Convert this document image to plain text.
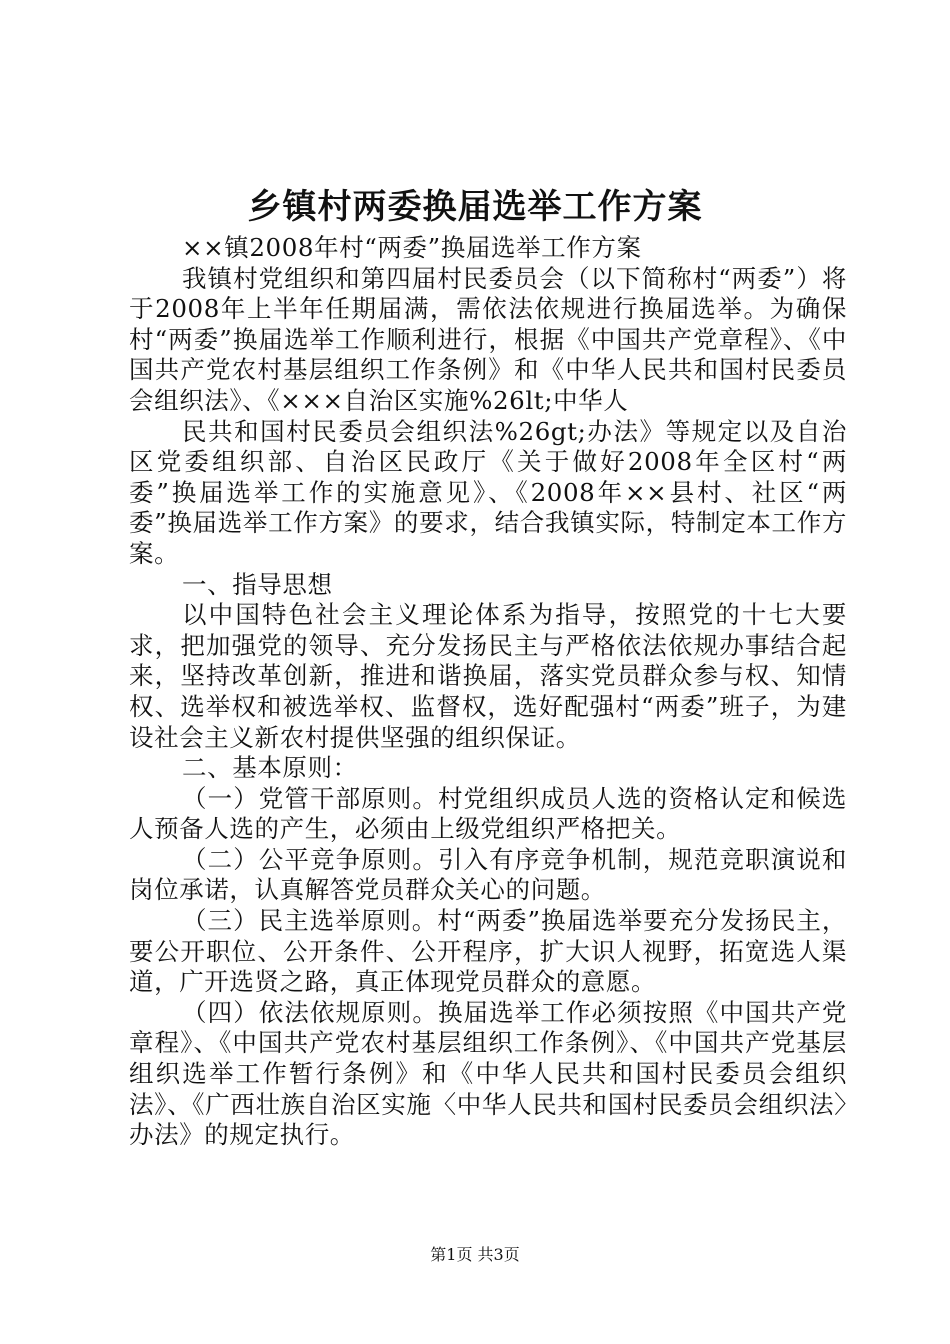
乡镇村两委换届选举工作方案

××镇2008年村“两委”换届选举工作方案

我镇村党组织和第四届村民委员会（以下简称村“两委”）将于2008年上半年任期届满，需依法依规进行换届选举。为确保村“两委”换届选举工作顺利进行，根据《中国共产党章程》、《中国共产党农村基层组织工作条例》和《中华人民共和国村民委员会组织法》、《×××自治区实施%26lt;中华人

民共和国村民委员会组织法%26gt;办法》等规定以及自治区党委组织部、自治区民政厅《关于做好2008年全区村“两委”换届选举工作的实施意见》、《2008年××县村、社区“两委”换届选举工作方案》的要求，结合我镇实际，特制定本工作方案。

一、指导思想

以中国特色社会主义理论体系为指导，按照党的十七大要求，把加强党的领导、充分发扬民主与严格依法依规办事结合起来，坚持改革创新，推进和谐换届，落实党员群众参与权、知情权、选举权和被选举权、监督权，选好配强村“两委”班子，为建设社会主义新农村提供坚强的组织保证。

二、基本原则：

（一）党管干部原则。村党组织成员人选的资格认定和候选人预备人选的产生，必须由上级党组织严格把关。

（二）公平竞争原则。引入有序竞争机制，规范竞职演说和岗位承诺，认真解答党员群众关心的问题。

（三）民主选举原则。村“两委”换届选举要充分发扬民主，要公开职位、公开条件、公开程序，扩大识人视野，拓宽选人渠道，广开选贤之路，真正体现党员群众的意愿。

（四）依法依规原则。换届选举工作必须按照《中国共产党章程》、《中国共产党农村基层组织工作条例》、《中国共产党基层组织选举工作暂行条例》和《中华人民共和国村民委员会组织法》、《广西壮族自治区实施〈中华人民共和国村民委员会组织法〉办法》的规定执行。

第1页 共3页
